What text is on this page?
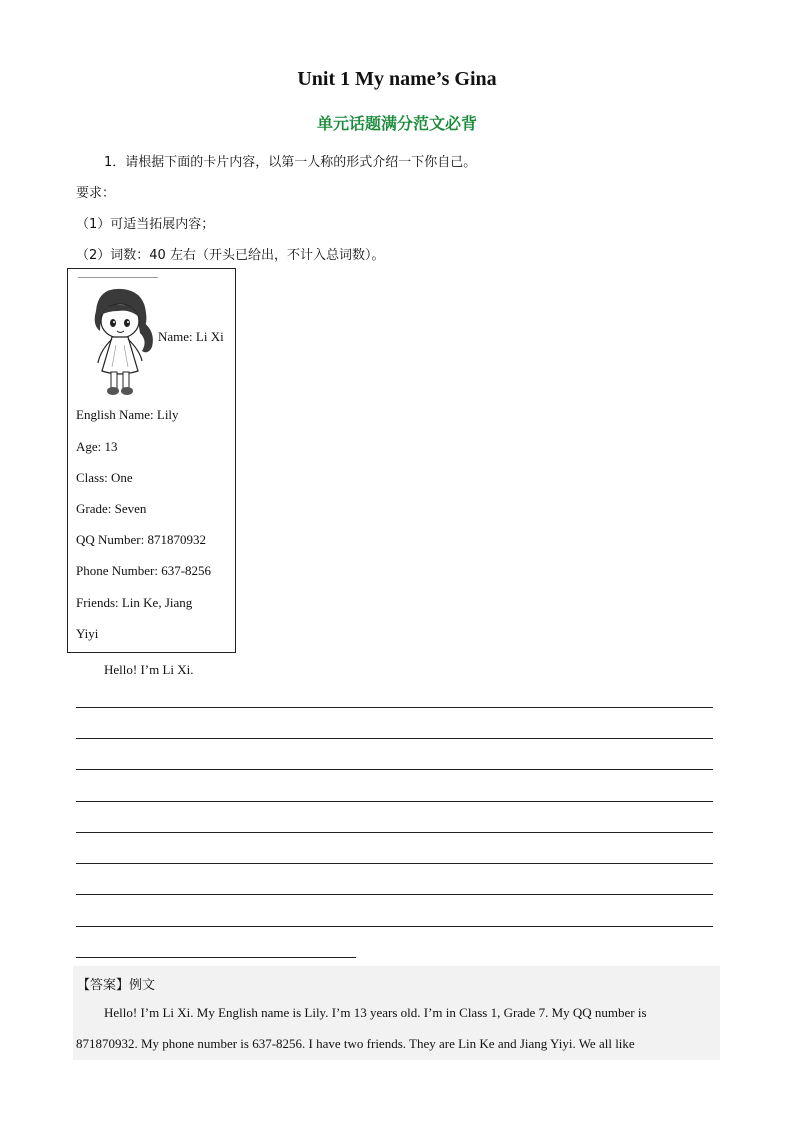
Unit 1 My name’s Gina
单元话题满分范文必背
1．请根据下面的卡片内容，以第一人称的形式介绍一下你自己。
要求：
（1）可适当拓展内容；
（2）词数：40 左右（开头已给出，不计入总词数）。
Name: Li Xi
English Name: Lily
Age: 13
Class: One
Grade: Seven
QQ Number: 871870932
Phone Number: 637-8256
Friends: Lin Ke, Jiang
Yiyi
Hello! I’m Li Xi.
【答案】例文
Hello! I’m Li Xi. My English name is Lily. I’m 13 years old. I’m in Class 1, Grade 7. My QQ number is
871870932. My phone number is 637-8256. I have two friends. They are Lin Ke and Jiang Yiyi. We all like
